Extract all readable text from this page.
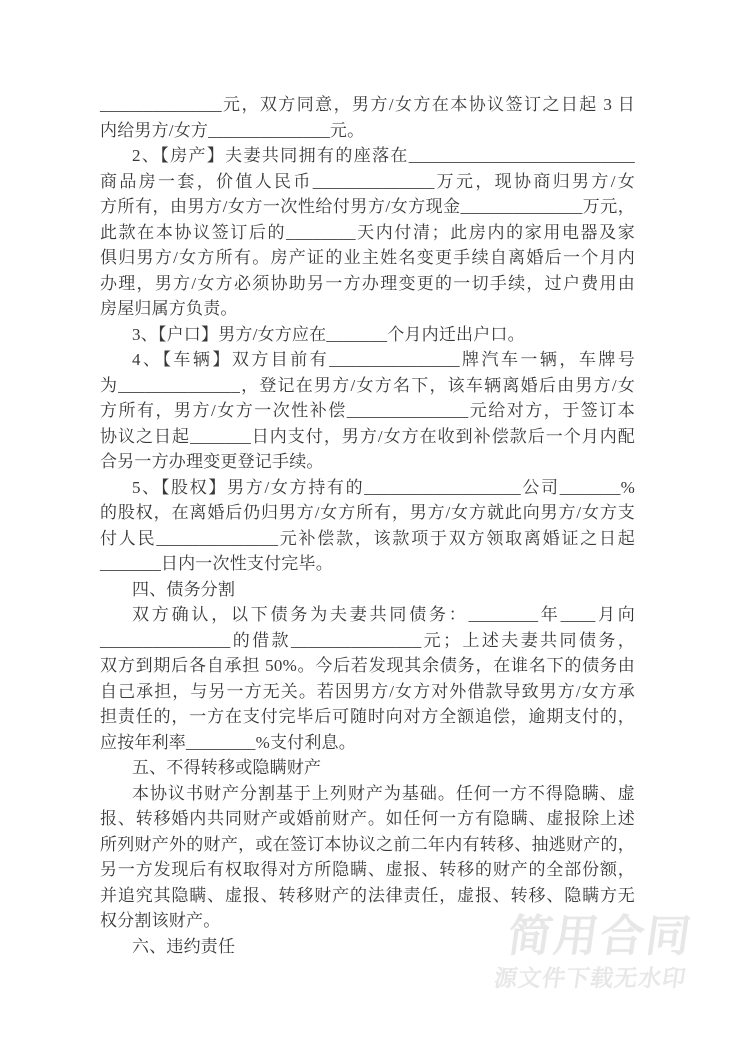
______________元，双方同意，男方/女方在本协议签订之日起 3 日
内给男方/女方______________元。
2、【房产】夫妻共同拥有的座落在__________________________
商品房一套，价值人民币______________万元，现协商归男方/女
方所有，由男方/女方一次性给付男方/女方现金______________万元，
此款在本协议签订后的________天内付清；此房内的家用电器及家
俱归男方/女方所有。房产证的业主姓名变更手续自离婚后一个月内
办理，男方/女方必须协助另一方办理变更的一切手续，过户费用由
房屋归属方负责。
3、【户口】男方/女方应在_______个月内迁出户口。
4、【车辆】双方目前有_______________牌汽车一辆，车牌号
为______________，登记在男方/女方名下，该车辆离婚后由男方/女
方所有，男方/女方一次性补偿______________元给对方，于签订本
协议之日起_______日内支付，男方/女方在收到补偿款后一个月内配
合另一方办理变更登记手续。
5、【股权】男方/女方持有的__________________公司_______%
的股权，在离婚后仍归男方/女方所有，男方/女方就此向男方/女方支
付人民______________元补偿款，该款项于双方领取离婚证之日起
_______日内一次性支付完毕。
四、债务分割
双方确认，以下债务为夫妻共同债务：________年____月向
_______________的借款_______________元；上述夫妻共同债务，
双方到期后各自承担 50%。今后若发现其余债务，在谁名下的债务由
自己承担，与另一方无关。若因男方/女方对外借款导致男方/女方承
担责任的，一方在支付完毕后可随时向对方全额追偿，逾期支付的，
应按年利率________%支付利息。
五、不得转移或隐瞒财产
本协议书财产分割基于上列财产为基础。任何一方不得隐瞒、虚
报、转移婚内共同财产或婚前财产。如任何一方有隐瞒、虚报除上述
所列财产外的财产，或在签订本协议之前二年内有转移、抽逃财产的，
另一方发现后有权取得对方所隐瞒、虚报、转移的财产的全部份额，
并追究其隐瞒、虚报、转移财产的法律责任，虚报、转移、隐瞒方无
权分割该财产。
六、违约责任	简用合同
源文件下载无水印
